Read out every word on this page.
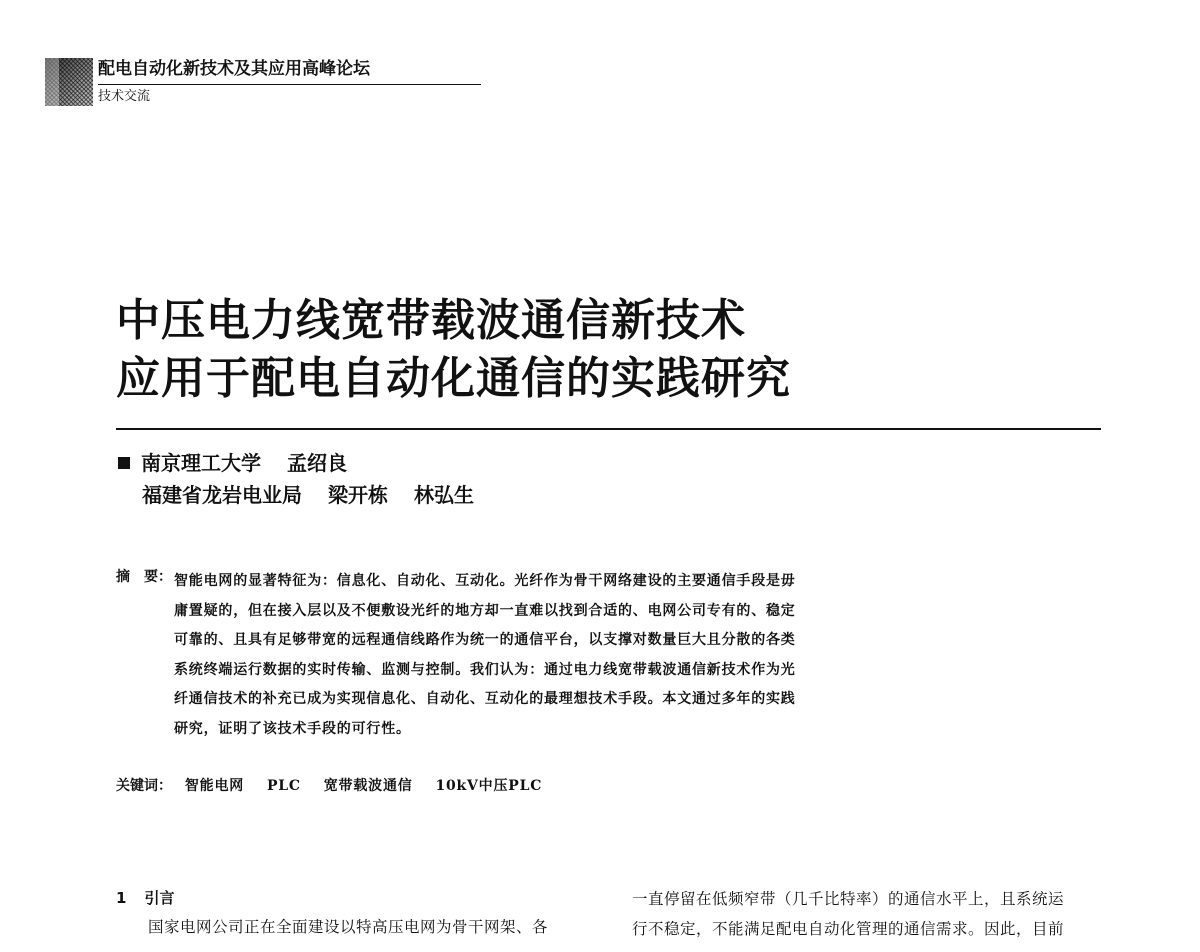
配电自动化新技术及其应用高峰论坛
技术交流
中压电力线宽带载波通信新技术
应用于配电自动化通信的实践研究
南京理工大学 孟绍良
福建省龙岩电业局 梁开栋 林弘生
摘　要： 智能电网的显著特征为：信息化、自动化、互动化。光纤作为骨干网络建设的主要通信手段是毋
庸置疑的，但在接入层以及不便敷设光纤的地方却一直难以找到合适的、电网公司专有的、稳定
可靠的、且具有足够带宽的远程通信线路作为统一的通信平台，以支撑对数量巨大且分散的各类
系统终端运行数据的实时传输、监测与控制。我们认为：通过电力线宽带载波通信新技术作为光
纤通信技术的补充已成为实现信息化、自动化、互动化的最理想技术手段。本文通过多年的实践
研究，证明了该技术手段的可行性。
关键词： 智能电网 PLC 宽带载波通信 10kV中压PLC
1 引言
国家电网公司正在全面建设以特高压电网为骨干网架、各
一直停留在低频窄带（几千比特率）的通信水平上，且系统运
行不稳定，不能满足配电自动化管理的通信需求。因此，目前
